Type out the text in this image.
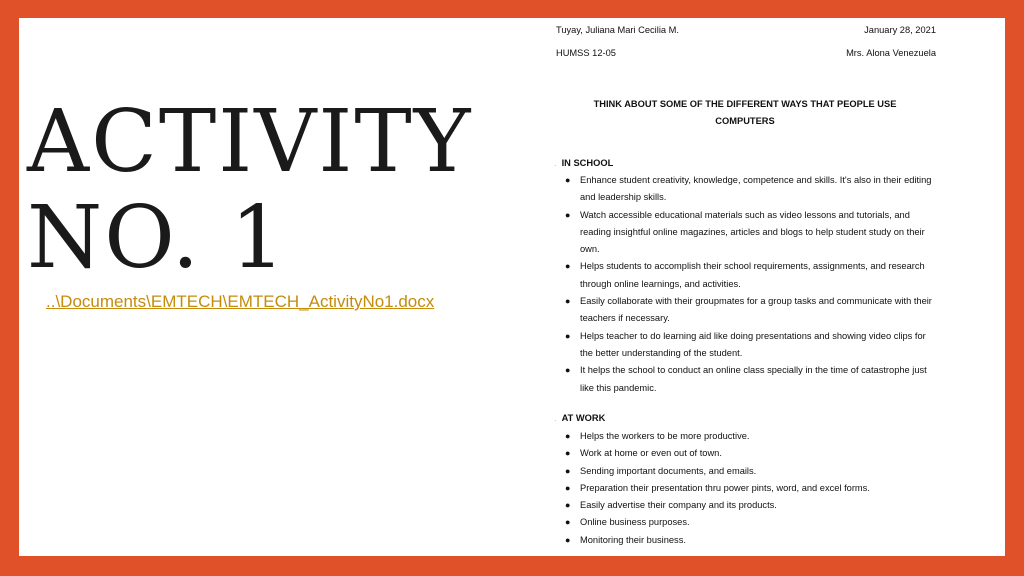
ACTIVITY
NO. 1
..\Documents\EMTECH\EMTECH_ActivityNo1.docx
Tuyay, Juliana Mari Cecilia M.	January 28, 2021
HUMSS 12-05	Mrs. Alona Venezuela
THINK ABOUT SOME OF THE DIFFERENT WAYS THAT PEOPLE USE
COMPUTERS
. IN SCHOOL
● Enhance student creativity, knowledge, competence and skills. It's also in their editing and leadership skills.
● Watch accessible educational materials such as video lessons and tutorials, and reading insightful online magazines, articles and blogs to help student study on their own.
● Helps students to accomplish their school requirements, assignments, and research through online learnings, and activities.
● Easily collaborate with their groupmates for a group tasks and communicate with their teachers if necessary.
● Helps teacher to do learning aid like doing presentations and showing video clips for the better understanding of the student.
● It helps the school to conduct an online class specially in the time of catastrophe just like this pandemic.
. AT WORK
● Helps the workers to be more productive.
● Work at home or even out of town.
● Sending important documents, and emails.
● Preparation their presentation thru power pints, word, and excel forms.
● Easily advertise their company and its products.
● Online business purposes.
● Monitoring their business.
